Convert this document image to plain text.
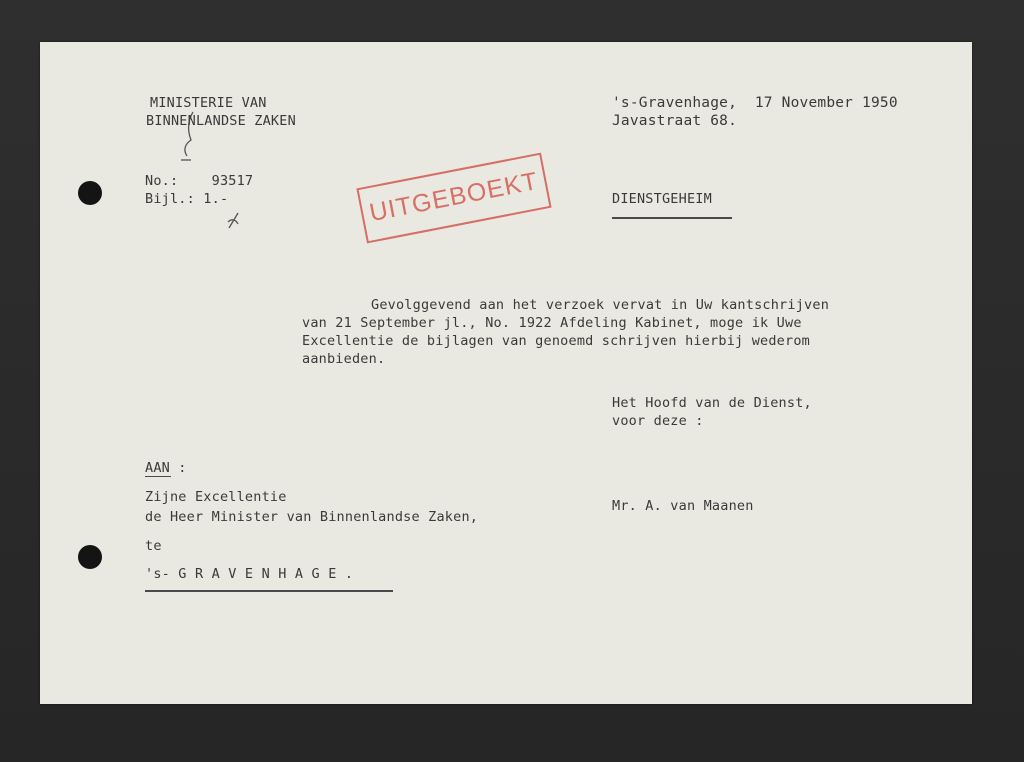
MINISTERIE VAN
BINNENLANDSE ZAKEN
's-Gravenhage,  17 November 1950
Javastraat 68.
No.:    93517
Bijl.: 1.-	DIENSTGEHEIM
Gevolggevend aan het verzoek vervat in Uw kantschrijven
van 21 September jl., No. 1922 Afdeling Kabinet, moge ik Uwe
Excellentie de bijlagen van genoemd schrijven hierbij wederom
aanbieden.
Het Hoofd van de Dienst,
voor deze :
Mr. A. van Maanen
AAN :
Zijne Excellentie
de Heer Minister van Binnenlandse Zaken,
te
's- G R A V E N H A G E .
UITGEBOEKT
